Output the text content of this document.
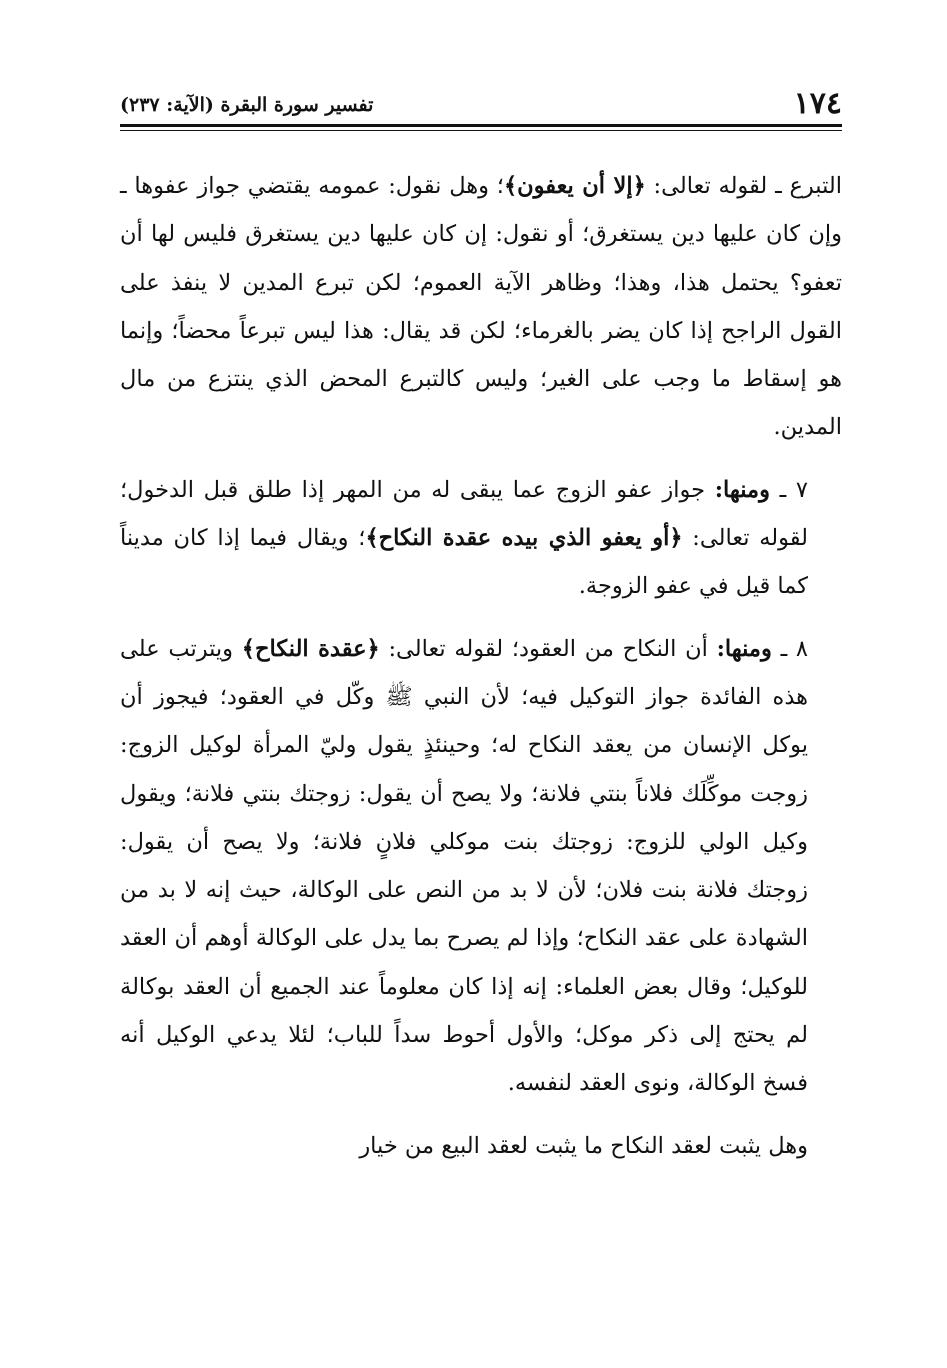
١٧٤
تفسير سورة البقرة (الآية: ٢٣٧)

التبرع ـ لقوله تعالى: ﴿إلا أن يعفون﴾؛ وهل نقول: عمومه يقتضي جواز عفوها ـ وإن كان عليها دين يستغرق؛ أو نقول: إن كان عليها دين يستغرق فليس لها أن تعفو؟ يحتمل هذا، وهذا؛ وظاهر الآية العموم؛ لكن تبرع المدين لا ينفذ على القول الراجح إذا كان يضر بالغرماء؛ لكن قد يقال: هذا ليس تبرعاً محضاً؛ وإنما هو إسقاط ما وجب على الغير؛ وليس كالتبرع المحض الذي ينتزع من مال المدين.

٧ ـ ومنها: جواز عفو الزوج عما يبقى له من المهر إذا طلق قبل الدخول؛ لقوله تعالى: ﴿أو يعفو الذي بيده عقدة النكاح﴾؛ ويقال فيما إذا كان مديناً كما قيل في عفو الزوجة.

٨ ـ ومنها: أن النكاح من العقود؛ لقوله تعالى: ﴿عقدة النكاح﴾ ويترتب على هذه الفائدة جواز التوكيل فيه؛ لأن النبي ﷺ وكّل في العقود؛ فيجوز أن يوكل الإنسان من يعقد النكاح له؛ وحينئذٍ يقول وليّ المرأة لوكيل الزوج: زوجت موكِّلَك فلاناً بنتي فلانة؛ ولا يصح أن يقول: زوجتك بنتي فلانة؛ ويقول وكيل الولي للزوج: زوجتك بنت موكلي فلانٍ فلانة؛ ولا يصح أن يقول: زوجتك فلانة بنت فلان؛ لأن لا بد من النص على الوكالة، حيث إنه لا بد من الشهادة على عقد النكاح؛ وإذا لم يصرح بما يدل على الوكالة أوهم أن العقد للوكيل؛ وقال بعض العلماء: إنه إذا كان معلوماً عند الجميع أن العقد بوكالة لم يحتج إلى ذكر موكل؛ والأول أحوط سداً للباب؛ لئلا يدعي الوكيل أنه فسخ الوكالة، ونوى العقد لنفسه.

وهل يثبت لعقد النكاح ما يثبت لعقد البيع من خيار
